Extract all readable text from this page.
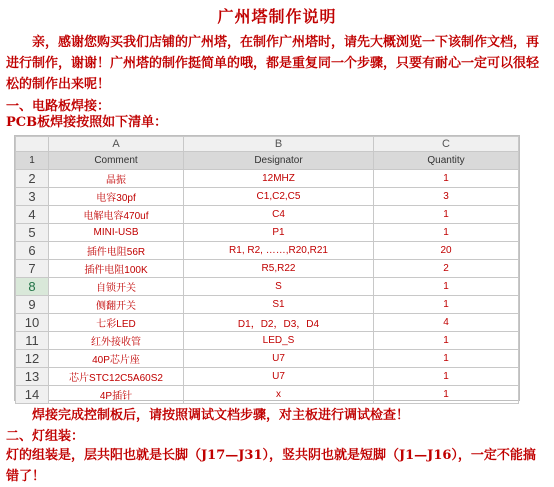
广州塔制作说明
亲，感谢您购买我们店铺的广州塔，在制作广州塔时，请先大概浏览一下该制作文档，再进行制作，谢谢！广州塔的制作挺简单的哦，都是重复同一个步骤，只要有耐心一定可以很轻松的制作出来呢！
一、电路板焊接：
PCB板焊接按照如下清单：
	A	B	C
1	Comment	Designator	Quantity
2	晶振	12MHZ	1
3	电容30pf	C1,C2,C5	3
4	电解电容470uf	C4	1
5	MINI-USB	P1	1
6	插件电阻56R	R1, R2, ……,R20,R21	20
7	插件电阻100K	R5,R22	2
8	自锁开关	S	1
9	侧翻开关	S1	1
10	七彩LED	D1，D2，D3，D4	4
11	红外接收管	LED_S	1
12	40P芯片座	U7	1
13	芯片STC12C5A60S2	U7	1
14	4P插针	x	1
焊接完成控制板后，请按照调试文档步骤，对主板进行调试检查！
二、灯组装：
灯的组装是，层共阳也就是长脚（J17—J31），竖共阴也就是短脚（J1—J16），一定不能搞错了！
